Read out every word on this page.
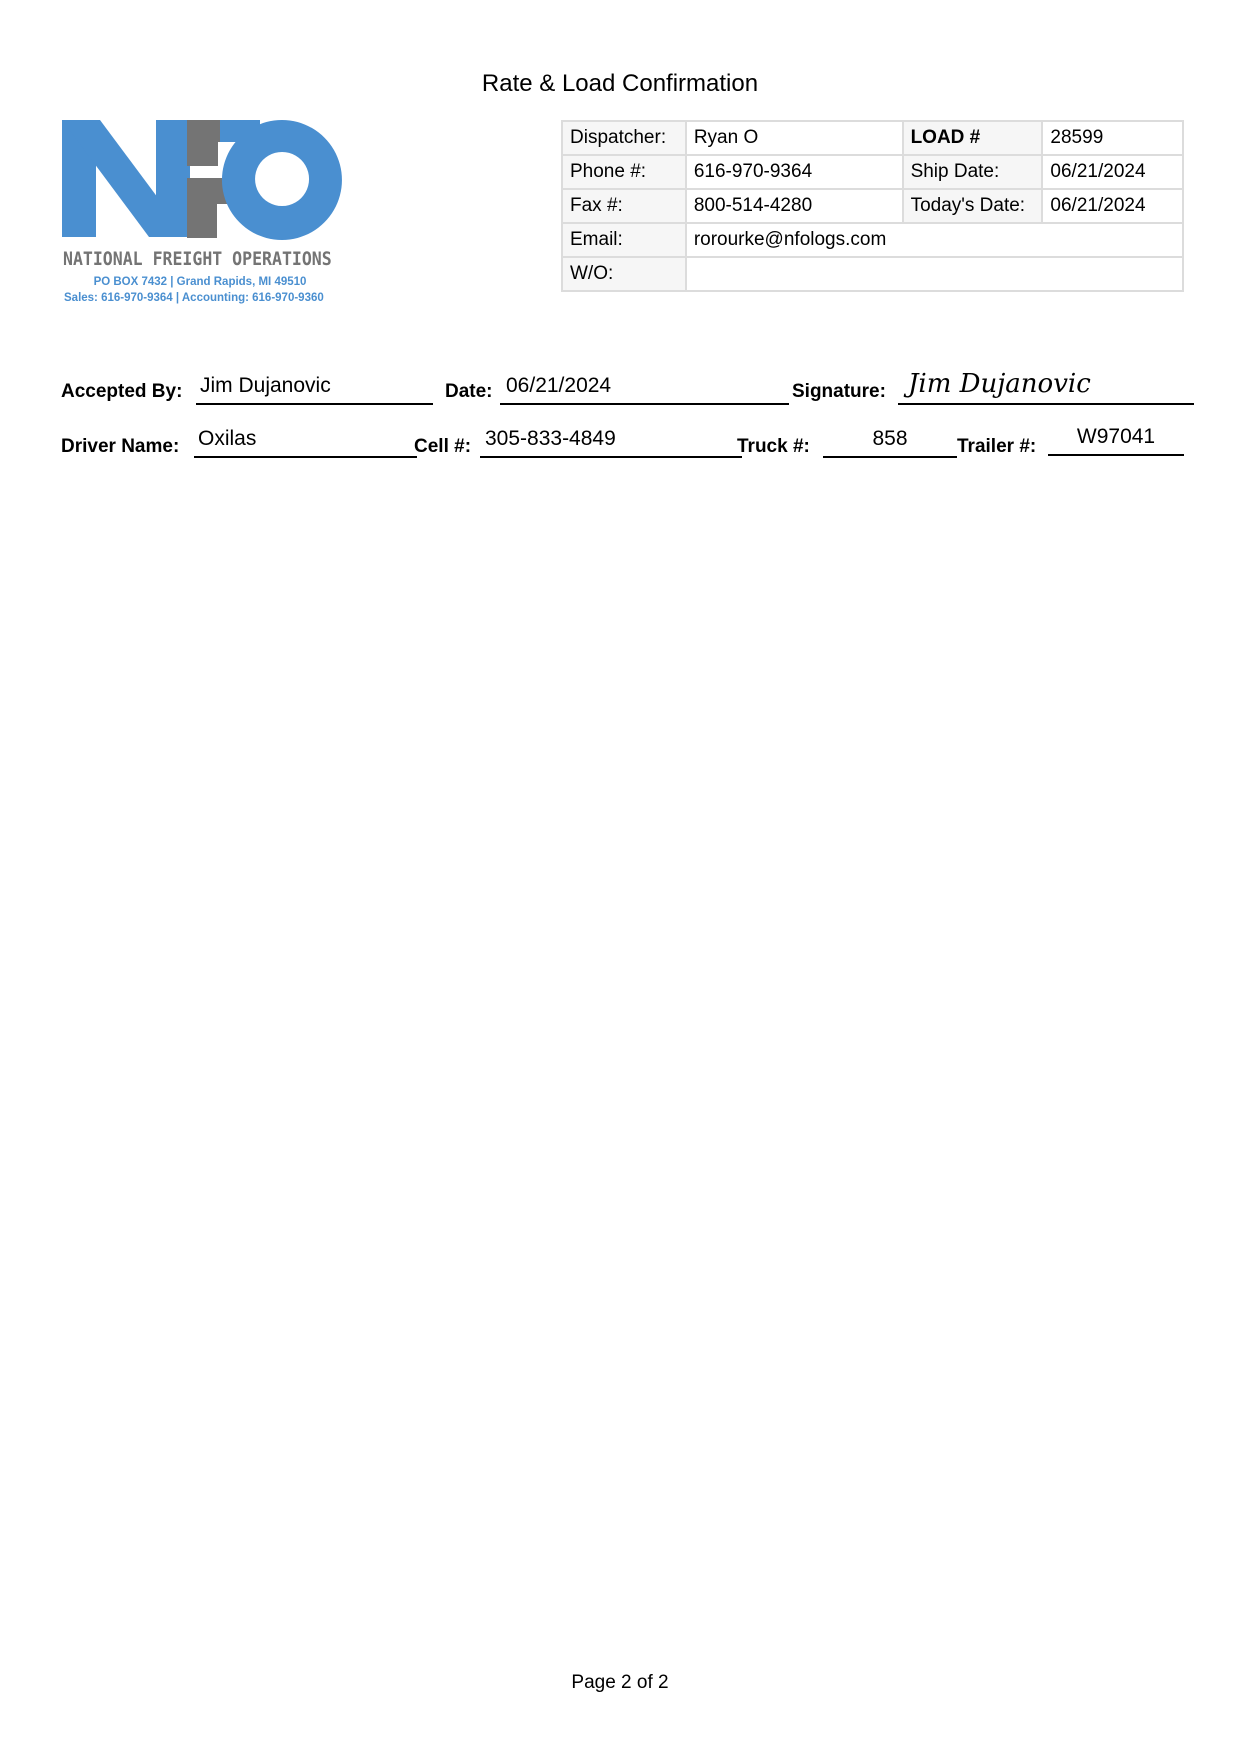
Rate & Load Confirmation
NATIONAL FREIGHT OPERATIONS
PO BOX 7432 | Grand Rapids, MI 49510
Sales: 616-970-9364 | Accounting: 616-970-9360
Dispatcher:	Ryan O	LOAD #	28599
Phone #:	616-970-9364	Ship Date:	06/21/2024
Fax #:	800-514-4280	Today's Date:	06/21/2024
Email:	rorourke@nfologs.com		
W/O:			
Accepted By: Jim Dujanovic	Date: 06/21/2024	Signature: Jim Dujanovic
Driver Name: Oxilas	Cell #: 305-833-4849	Truck #:	858	Trailer #:	W97041
Page 2 of 2
